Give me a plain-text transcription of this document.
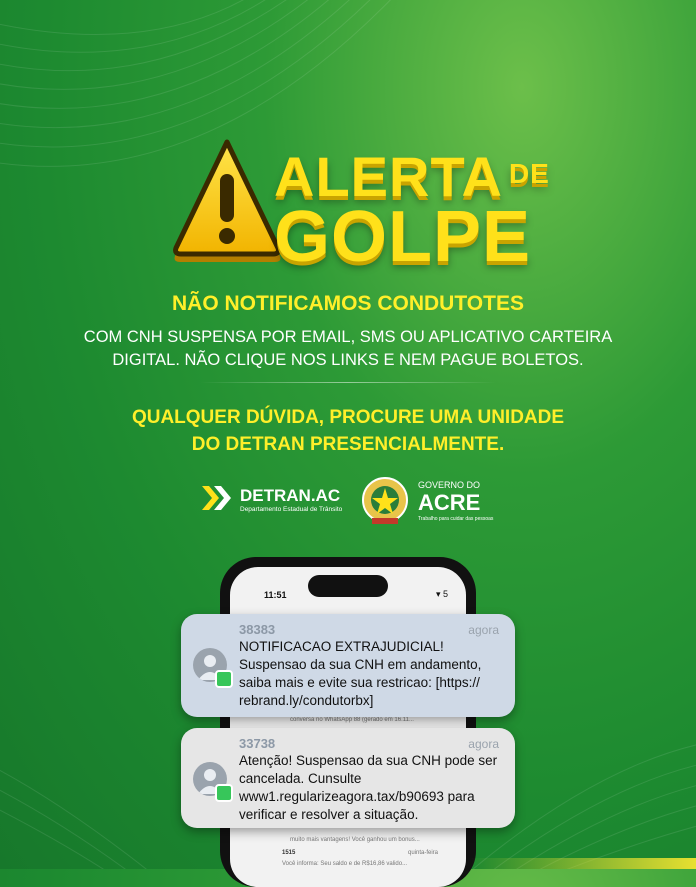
ALERTA $^{DE}$
GOLPE
NÃO NOTIFICAMOS CONDUTOTES
COM CNH SUSPENSA POR EMAIL, SMS OU APLICATIVO CARTEIRA
DIGITAL. NÃO CLIQUE NOS LINKS E NEM PAGUE BOLETOS.
QUALQUER DÚVIDA, PROCURE UMA UNIDADE
DO DETRAN PRESENCIALMENTE.
DETRAN.AC
Departamento Estadual de Trânsito
GOVERNO DO
ACRE
Trabalho para cuidar das pessoas
11:51	▾ 5
conversa no WhatsApp 88 (gerado em 16.11...
muito mais vantagens! Você ganhou um bonus...
1515	quinta-feira
Você informa: Seu saldo e de R$16,86 valido...
38383	agora
NOTIFICACAO EXTRAJUDICIAL!
Suspensao da sua CNH em andamento,
saiba mais e evite sua restricao: [https://
rebrand.ly/condutorbx]
33738	agora
Atenção! Suspensao da sua CNH pode ser
cancelada. Cunsulte
www1.regularizeagora.tax/b90693 para
verificar e resolver a situação.
